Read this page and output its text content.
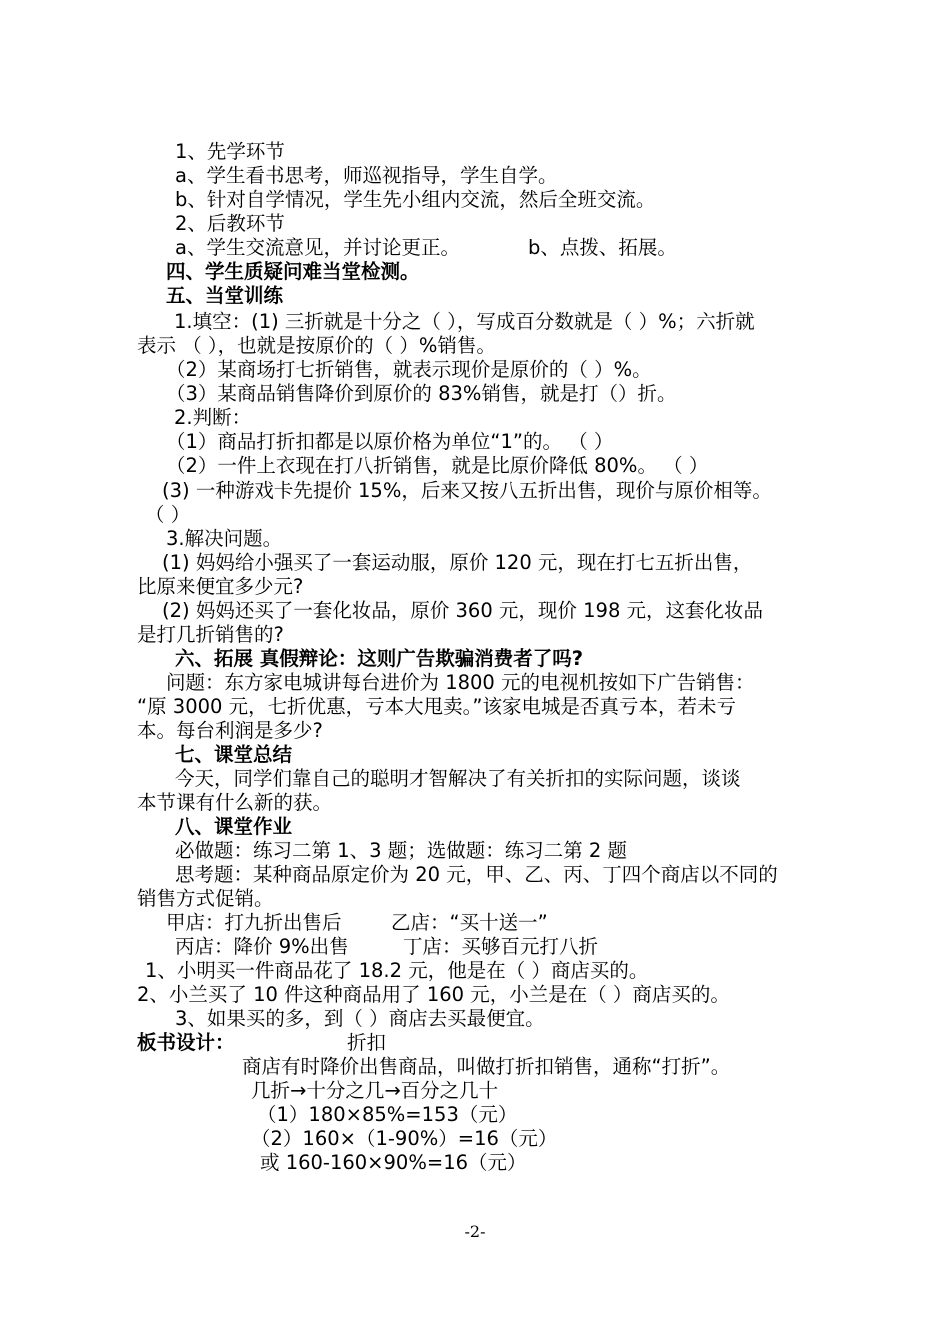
1、先学环节
a、学生看书思考，师巡视指导，学生自学。
b、针对自学情况，学生先小组内交流，然后全班交流。
2、后教环节
a、学生交流意见，并讨论更正。	b、点拨、拓展。
四、学生质疑问难当堂检测。
五、当堂训练
1.填空：(1) 三折就是十分之（ ），写成百分数就是（ ）%；六折就
表示 （ ），也就是按原价的（ ）%销售。
（2）某商场打七折销售，就表示现价是原价的（ ）%。
（3）某商品销售降价到原价的 83%销售，就是打（）折。
2.判断：
（1）商品打折扣都是以原价格为单位“1”的。 （ ）
（2）一件上衣现在打八折销售，就是比原价降低 80%。 （ ）
(3) 一种游戏卡先提价 15%，后来又按八五折出售，现价与原价相等。
（ ）
3.解决问题。
(1) 妈妈给小强买了一套运动服，原价 120 元，现在打七五折出售，
比原来便宜多少元?
(2) 妈妈还买了一套化妆品，原价 360 元，现价 198 元，这套化妆品
是打几折销售的?
六、拓展 真假辩论：这则广告欺骗消费者了吗?
问题：东方家电城讲每台进价为 1800 元的电视机按如下广告销售：
“原 3000 元，七折优惠，亏本大甩卖。”该家电城是否真亏本，若未亏
本。每台利润是多少?
七、课堂总结
今天，同学们靠自己的聪明才智解决了有关折扣的实际问题，谈谈
本节课有什么新的获。
八、课堂作业
必做题：练习二第 1、3 题；选做题：练习二第 2 题
思考题：某种商品原定价为 20 元，甲、乙、丙、丁四个商店以不同的
销售方式促销。
甲店：打九折出售后	乙店：“买十送一”
丙店：降价 9%出售	丁店：买够百元打八折
1、小明买一件商品花了 18.2 元，他是在（ ）商店买的。
2、小兰买了 10 件这种商品用了 160 元，小兰是在（ ）商店买的。
3、如果买的多，到（ ）商店去买最便宜。
板书设计：	折扣
商店有时降价出售商品，叫做打折扣销售，通称“打折”。
几折→十分之几→百分之几十
（1）180×85%=153（元）
（2）160×（1-90%）=16（元）
或 160-160×90%=16（元）
-2-
